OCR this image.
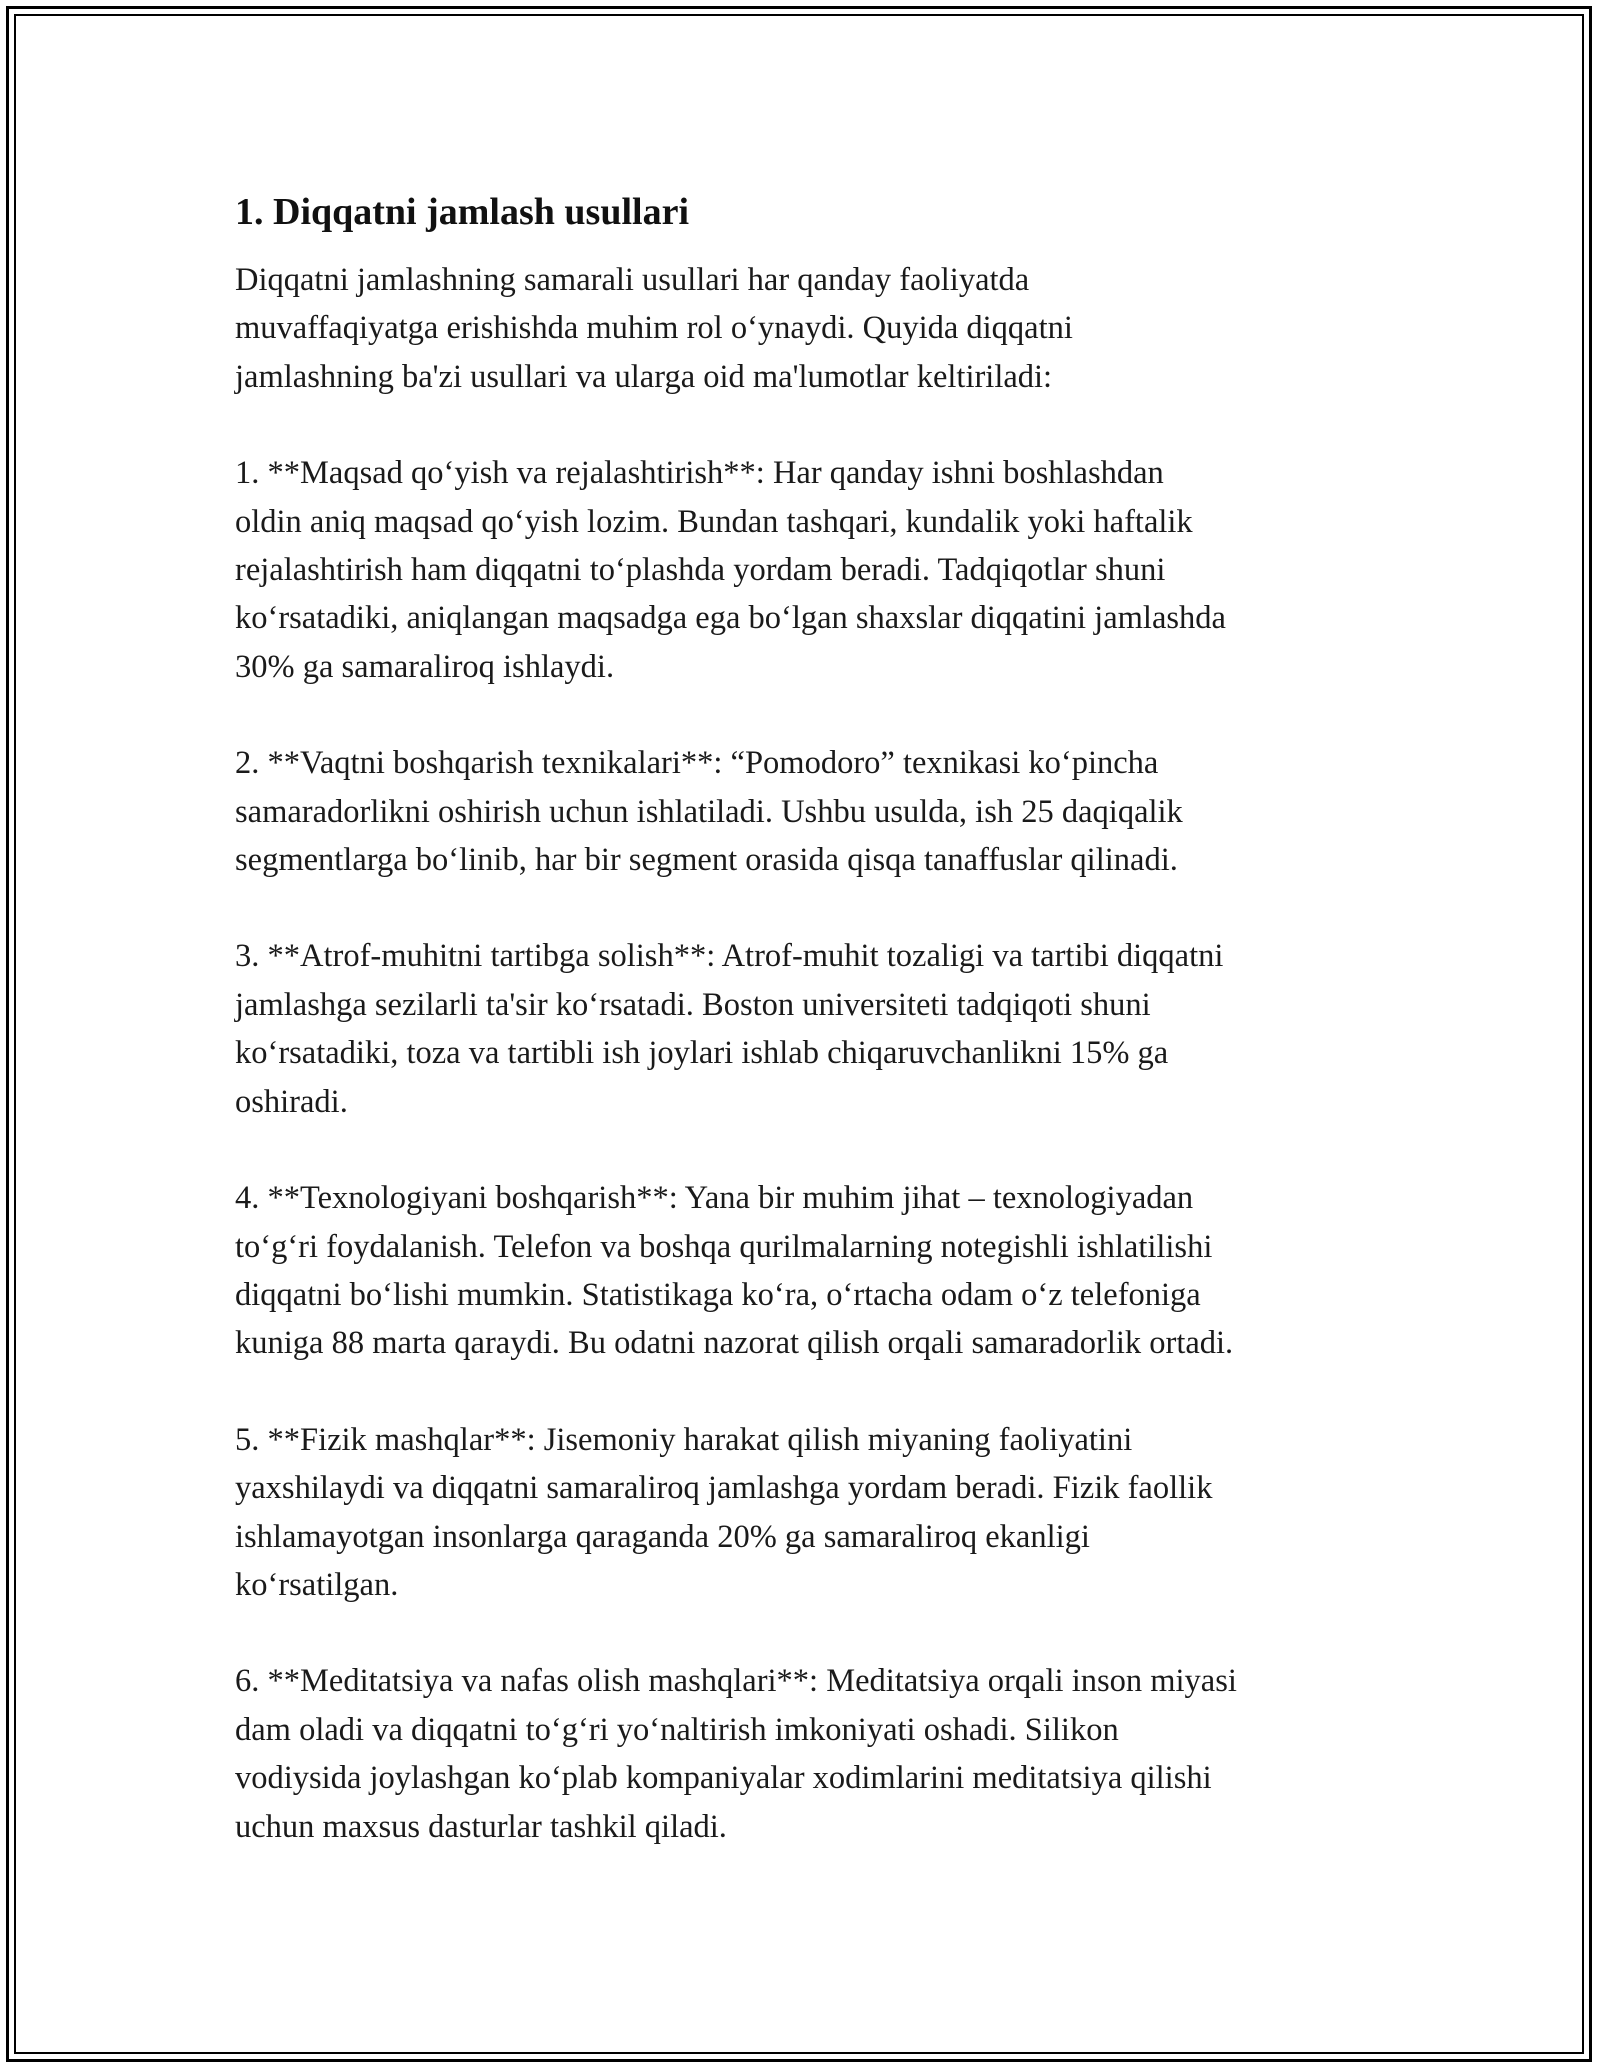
1. Diqqatni jamlash usullari

Diqqatni jamlashning samarali usullari har qanday faoliyatda
muvaffaqiyatga erishishda muhim rol o‘ynaydi. Quyida diqqatni
jamlashning ba'zi usullari va ularga oid ma'lumotlar keltiriladi:

1. **Maqsad qo‘yish va rejalashtirish**: Har qanday ishni boshlashdan
oldin aniq maqsad qo‘yish lozim. Bundan tashqari, kundalik yoki haftalik
rejalashtirish ham diqqatni to‘plashda yordam beradi. Tadqiqotlar shuni
ko‘rsatadiki, aniqlangan maqsadga ega bo‘lgan shaxslar diqqatini jamlashda
30% ga samaraliroq ishlaydi.

2. **Vaqtni boshqarish texnikalari**: “Pomodoro” texnikasi ko‘pincha
samaradorlikni oshirish uchun ishlatiladi. Ushbu usulda, ish 25 daqiqalik
segmentlarga bo‘linib, har bir segment orasida qisqa tanaffuslar qilinadi.

3. **Atrof-muhitni tartibga solish**: Atrof-muhit tozaligi va tartibi diqqatni
jamlashga sezilarli ta'sir ko‘rsatadi. Boston universiteti tadqiqoti shuni
ko‘rsatadiki, toza va tartibli ish joylari ishlab chiqaruvchanlikni 15% ga
oshiradi.

4. **Texnologiyani boshqarish**: Yana bir muhim jihat – texnologiyadan
to‘g‘ri foydalanish. Telefon va boshqa qurilmalarning notegishli ishlatilishi
diqqatni bo‘lishi mumkin. Statistikaga ko‘ra, o‘rtacha odam o‘z telefoniga
kuniga 88 marta qaraydi. Bu odatni nazorat qilish orqali samaradorlik ortadi.

5. **Fizik mashqlar**: Jisemoniy harakat qilish miyaning faoliyatini
yaxshilaydi va diqqatni samaraliroq jamlashga yordam beradi. Fizik faollik
ishlamayotgan insonlarga qaraganda 20% ga samaraliroq ekanligi
ko‘rsatilgan.

6. **Meditatsiya va nafas olish mashqlari**: Meditatsiya orqali inson miyasi
dam oladi va diqqatni to‘g‘ri yo‘naltirish imkoniyati oshadi. Silikon
vodiysida joylashgan ko‘plab kompaniyalar xodimlarini meditatsiya qilishi
uchun maxsus dasturlar tashkil qiladi.
